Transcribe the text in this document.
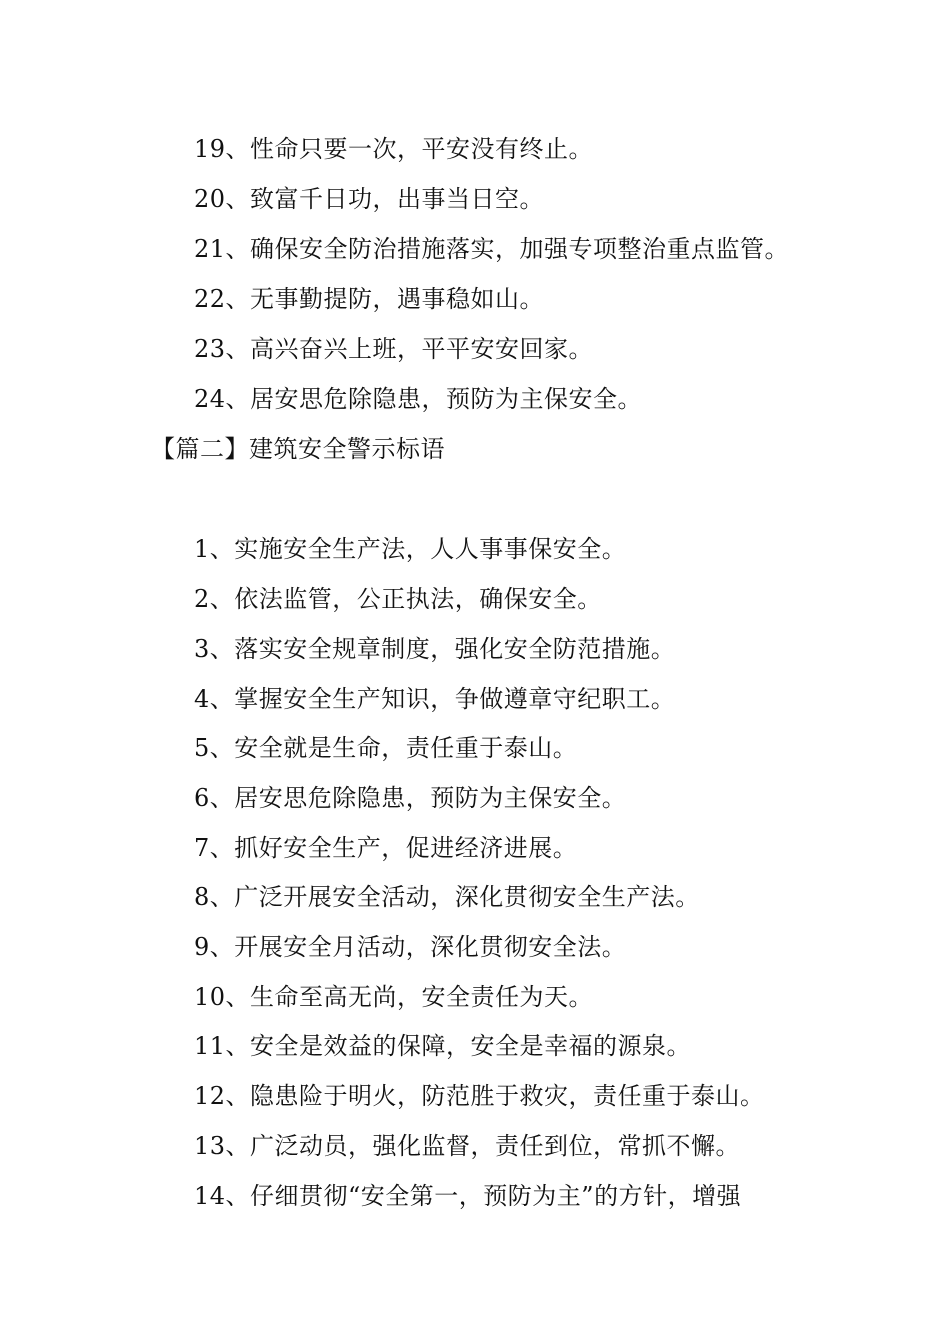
19、性命只要一次，平安没有终止。
20、致富千日功，出事当日空。
21、确保安全防治措施落实，加强专项整治重点监管。
22、无事勤提防，遇事稳如山。
23、高兴奋兴上班，平平安安回家。
24、居安思危除隐患，预防为主保安全。
【篇二】建筑安全警示标语
1、实施安全生产法，人人事事保安全。
2、依法监管，公正执法，确保安全。
3、落实安全规章制度，强化安全防范措施。
4、掌握安全生产知识，争做遵章守纪职工。
5、安全就是生命，责任重于泰山。
6、居安思危除隐患，预防为主保安全。
7、抓好安全生产，促进经济进展。
8、广泛开展安全活动，深化贯彻安全生产法。
9、开展安全月活动，深化贯彻安全法。
10、生命至高无尚，安全责任为天。
11、安全是效益的保障，安全是幸福的源泉。
12、隐患险于明火，防范胜于救灾，责任重于泰山。
13、广泛动员，强化监督，责任到位，常抓不懈。
14、仔细贯彻“安全第一，预防为主”的方针，增强
